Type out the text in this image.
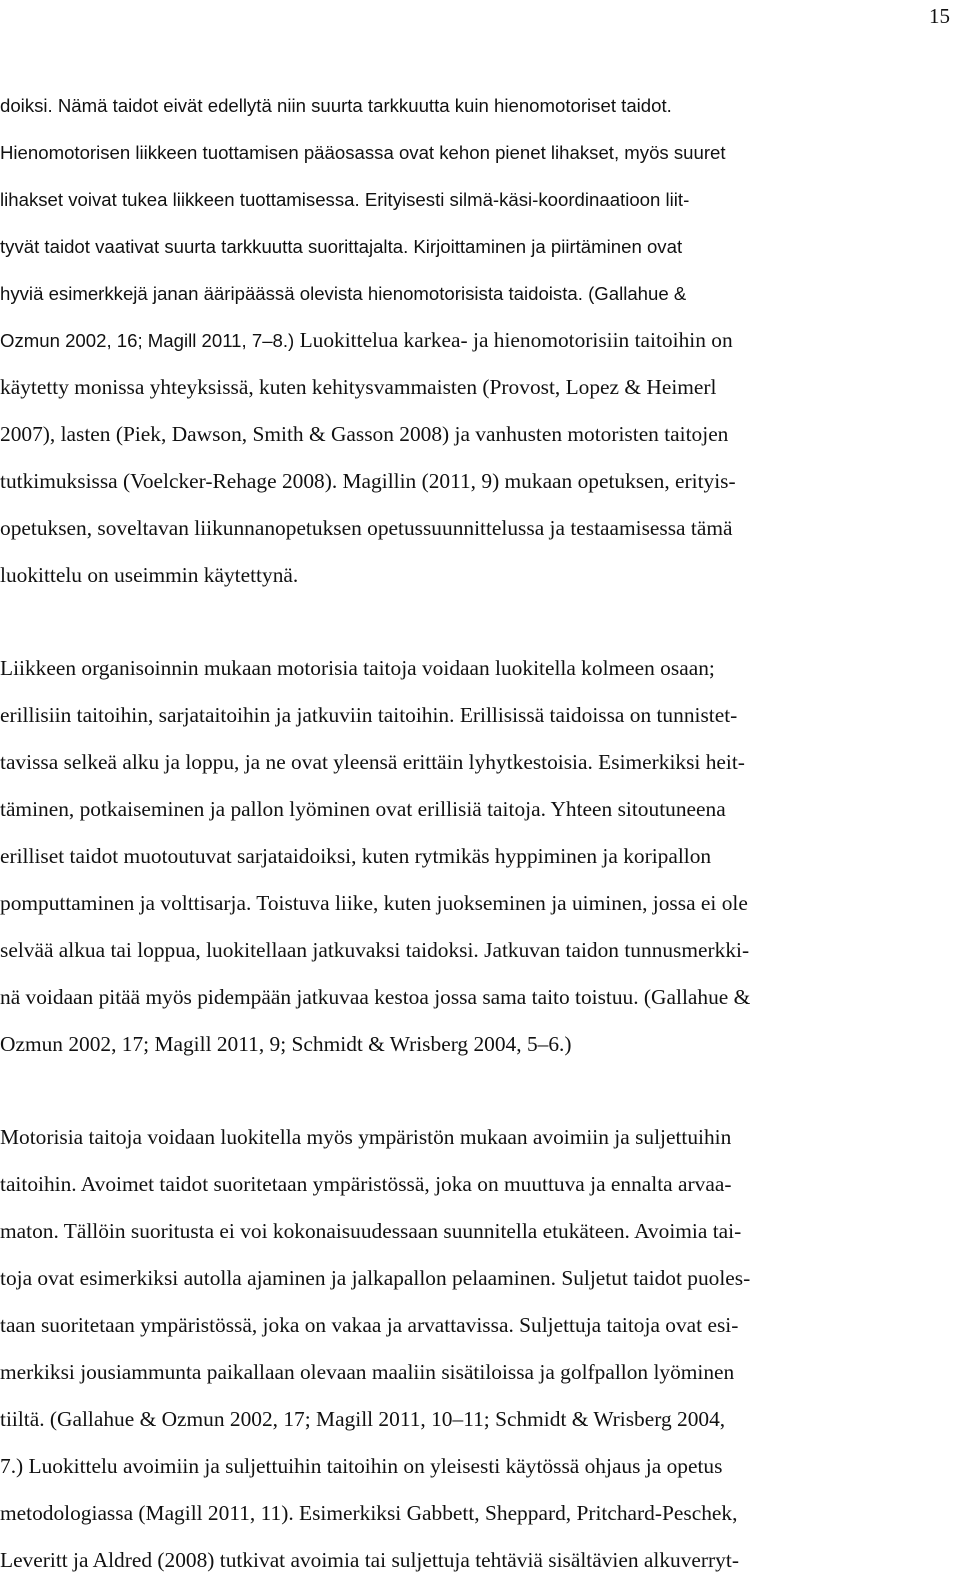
15

doiksi. Nämä taidot eivät edellytä niin suurta tarkkuutta kuin hienomotoriset taidot.
Hienomotorisen liikkeen tuottamisen pääosassa ovat kehon pienet lihakset, myös suuret
lihakset voivat tukea liikkeen tuottamisessa. Erityisesti silmä-käsi-koordinaatioon liit-
tyvät taidot vaativat suurta tarkkuutta suorittajalta. Kirjoittaminen ja piirtäminen ovat
hyviä esimerkkejä janan ääripäässä olevista hienomotorisista taidoista. (Gallahue &
Ozmun 2002, 16; Magill 2011, 7–8.) Luokittelua karkea- ja hienomotorisiin taitoihin on
käytetty monissa yhteyksissä, kuten kehitysvammaisten (Provost, Lopez & Heimerl
2007), lasten (Piek, Dawson, Smith & Gasson 2008) ja vanhusten motoristen taitojen
tutkimuksissa (Voelcker-Rehage 2008). Magillin (2011, 9) mukaan opetuksen, erityis-
opetuksen, soveltavan liikunnanopetuksen opetussuunnittelussa ja testaamisessa tämä
luokittelu on useimmin käytettynä.
Liikkeen organisoinnin mukaan motorisia taitoja voidaan luokitella kolmeen osaan;
erillisiin taitoihin, sarjataitoihin ja jatkuviin taitoihin. Erillisissä taidoissa on tunnistet-
tavissa selkeä alku ja loppu, ja ne ovat yleensä erittäin lyhytkestoisia. Esimerkiksi heit-
täminen, potkaiseminen ja pallon lyöminen ovat erillisiä taitoja. Yhteen sitoutuneena
erilliset taidot muotoutuvat sarjataidoiksi, kuten rytmikäs hyppiminen ja koripallon
pomputtaminen ja volttisarja. Toistuva liike, kuten juokseminen ja uiminen, jossa ei ole
selvää alkua tai loppua, luokitellaan jatkuvaksi taidoksi. Jatkuvan taidon tunnusmerkki-
nä voidaan pitää myös pidempään jatkuvaa kestoa jossa sama taito toistuu. (Gallahue &
Ozmun 2002, 17; Magill 2011, 9; Schmidt & Wrisberg 2004, 5–6.)
Motorisia taitoja voidaan luokitella myös ympäristön mukaan avoimiin ja suljettuihin
taitoihin. Avoimet taidot suoritetaan ympäristössä, joka on muuttuva ja ennalta arvaa-
maton. Tällöin suoritusta ei voi kokonaisuudessaan suunnitella etukäteen. Avoimia tai-
toja ovat esimerkiksi autolla ajaminen ja jalkapallon pelaaminen. Suljetut taidot puoles-
taan suoritetaan ympäristössä, joka on vakaa ja arvattavissa. Suljettuja taitoja ovat esi-
merkiksi jousiammunta paikallaan olevaan maaliin sisätiloissa ja golfpallon lyöminen
tiiltä. (Gallahue & Ozmun 2002, 17; Magill 2011, 10–11; Schmidt & Wrisberg 2004,
7.) Luokittelu avoimiin ja suljettuihin taitoihin on yleisesti käytössä ohjaus ja opetus
metodologiassa (Magill 2011, 11). Esimerkiksi Gabbett, Sheppard, Pritchard-Peschek,
Leveritt ja Aldred (2008) tutkivat avoimia tai suljettuja tehtäviä sisältävien alkuverryt-
